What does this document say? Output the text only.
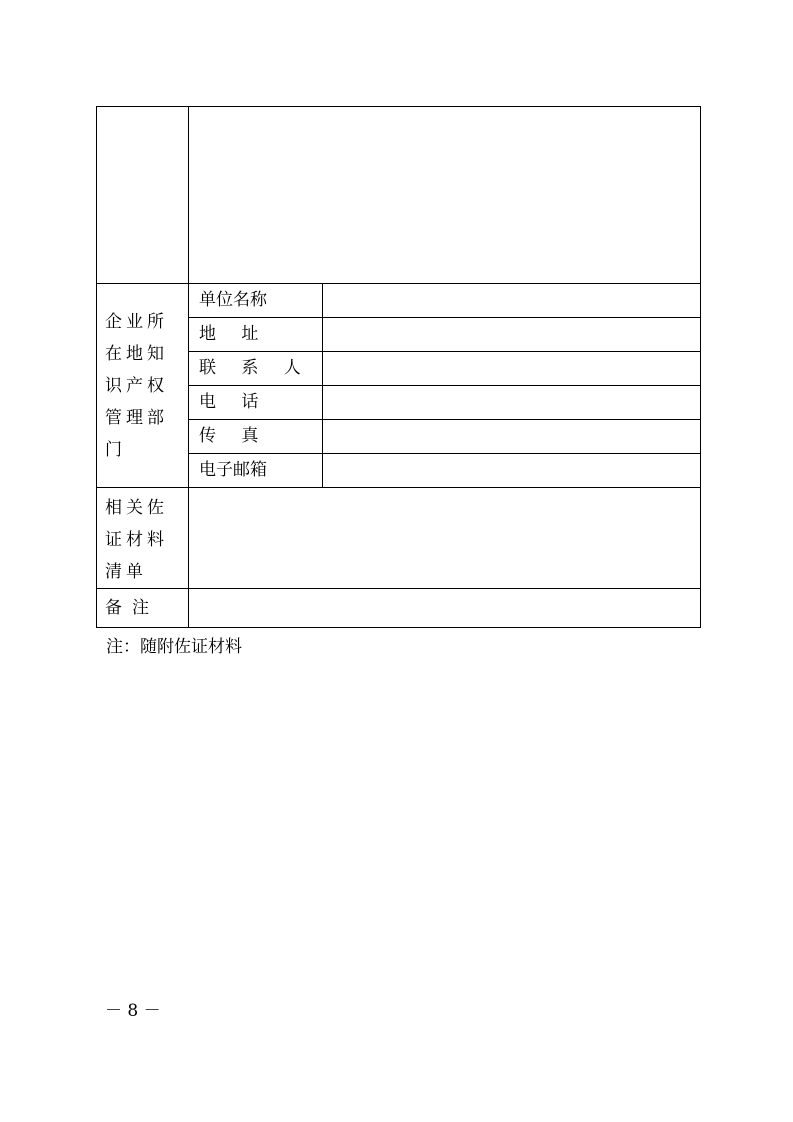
企业所在地知识产权管理部门	单位名称	
	地 址	
	联 系 人	
	电 话	
	传 真	
	电子邮箱	
相关佐证材料清单		
备注		
注：随附佐证材料
－ 8 －
